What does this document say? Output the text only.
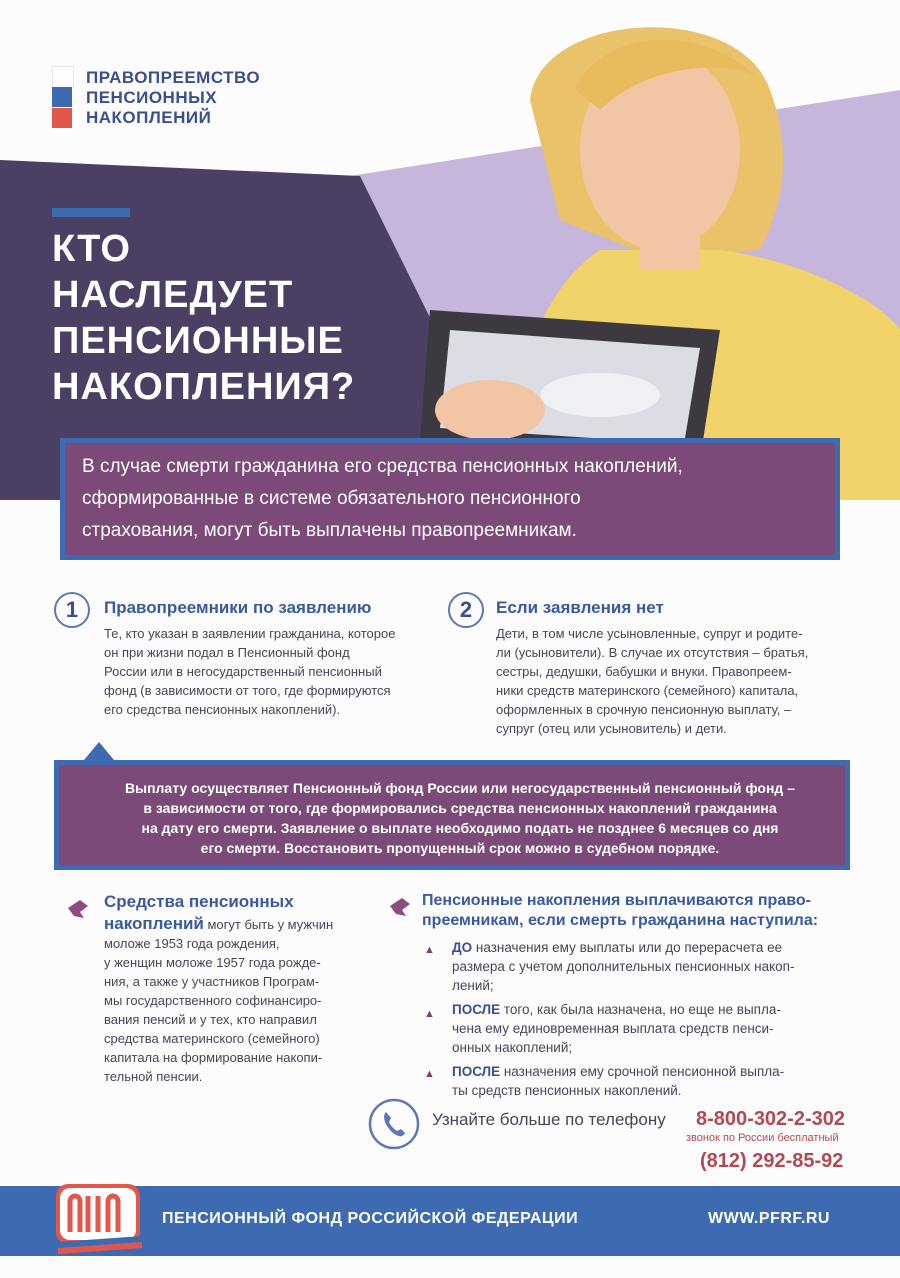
ПРАВОПРЕЕМСТВО
ПЕНСИОННЫХ
НАКОПЛЕНИЙ
КТО
НАСЛЕДУЕТ
ПЕНСИОННЫЕ
НАКОПЛЕНИЯ?
В случае смерти гражданина его средства пенсионных накоплений,
сформированные в системе обязательного пенсионного
страхования, могут быть выплачены правопреемникам.
1	Правопреемники по заявлению
Те, кто указан в заявлении гражданина, которое
он при жизни подал в Пенсионный фонд
России или в негосударственный пенсионный
фонд (в зависимости от того, где формируются
его средства пенсионных накоплений).
2	Если заявления нет
Дети, в том числе усыновленные, супруг и родите-
ли (усыновители). В случае их отсутствия – братья,
сестры, дедушки, бабушки и внуки. Правопреем-
ники средств материнского (семейного) капитала,
оформленных в срочную пенсионную выплату, –
супруг (отец или усыновитель) и дети.
Выплату осуществляет Пенсионный фонд России или негосударственный пенсионный фонд –
в зависимости от того, где формировались средства пенсионных накоплений гражданина
на дату его смерти. Заявление о выплате необходимо подать не позднее 6 месяцев со дня
его смерти. Восстановить пропущенный срок можно в судебном порядке.
Средства пенсионных
накоплений могут быть у мужчин
моложе 1953 года рождения,
у женщин моложе 1957 года рожде-
ния, а также у участников Програм-
мы государственного софинансиро-
вания пенсий и у тех, кто направил
средства материнского (семейного)
капитала на формирование накопи-
тельной пенсии.
Пенсионные накопления выплачиваются право-
преемникам, если смерть гражданина наступила:
▲ ДО назначения ему выплаты или до перерасчета ее
размера с учетом дополнительных пенсионных накоп-
лений;
▲ ПОСЛЕ того, как была назначена, но еще не выпла-
чена ему единовременная выплата средств пенси-
онных накоплений;
▲ ПОСЛЕ назначения ему срочной пенсионной выпла-
ты средств пенсионных накоплений.
Узнайте больше по телефону 8-800-302-2-302
звонок по России бесплатный
(812) 292-85-92
ПЕНСИОННЫЙ ФОНД РОССИЙСКОЙ ФЕДЕРАЦИИ	WWW.PFRF.RU
